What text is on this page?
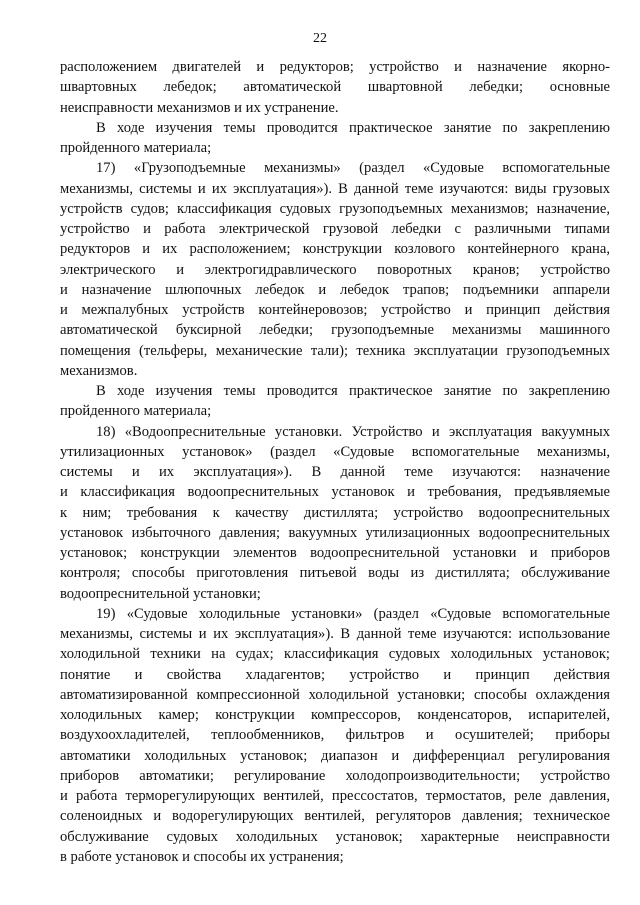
22
расположением двигателей и редукторов; устройство и назначение якорно-
швартовных лебедок; автоматической швартовной лебедки; основные
неисправности механизмов и их устранение.
В ходе изучения темы проводится практическое занятие по закреплению
пройденного материала;
17) «Грузоподъемные механизмы» (раздел «Судовые вспомогательные
механизмы, системы и их эксплуатация»). В данной теме изучаются: виды грузовых
устройств судов; классификация судовых грузоподъемных механизмов; назначение,
устройство и работа электрической грузовой лебедки с различными типами
редукторов и их расположением; конструкции козлового контейнерного крана,
электрического и электрогидравлического поворотных кранов; устройство
и назначение шлюпочных лебедок и лебедок трапов; подъемники аппарели
и межпалубных устройств контейнеровозов; устройство и принцип действия
автоматической буксирной лебедки; грузоподъемные механизмы машинного
помещения (тельферы, механические тали); техника эксплуатации грузоподъемных
механизмов.
В ходе изучения темы проводится практическое занятие по закреплению
пройденного материала;
18) «Водоопреснительные установки. Устройство и эксплуатация вакуумных
утилизационных установок» (раздел «Судовые вспомогательные механизмы,
системы и их эксплуатация»). В данной теме изучаются: назначение
и классификация водоопреснительных установок и требования, предъявляемые
к ним; требования к качеству дистиллята; устройство водоопреснительных
установок избыточного давления; вакуумных утилизационных водоопреснительных
установок; конструкции элементов водоопреснительной установки и приборов
контроля; способы приготовления питьевой воды из дистиллята; обслуживание
водоопреснительной установки;
19) «Судовые холодильные установки» (раздел «Судовые вспомогательные
механизмы, системы и их эксплуатация»). В данной теме изучаются: использование
холодильной техники на судах; классификация судовых холодильных установок;
понятие и свойства хладагентов; устройство и принцип действия
автоматизированной компрессионной холодильной установки; способы охлаждения
холодильных камер; конструкции компрессоров, конденсаторов, испарителей,
воздухоохладителей, теплообменников, фильтров и осушителей; приборы
автоматики холодильных установок; диапазон и дифференциал регулирования
приборов автоматики; регулирование холодопроизводительности; устройство
и работа терморегулирующих вентилей, прессостатов, термостатов, реле давления,
соленоидных и водорегулирующих вентилей, регуляторов давления; техническое
обслуживание судовых холодильных установок; характерные неисправности
в работе установок и способы их устранения;
